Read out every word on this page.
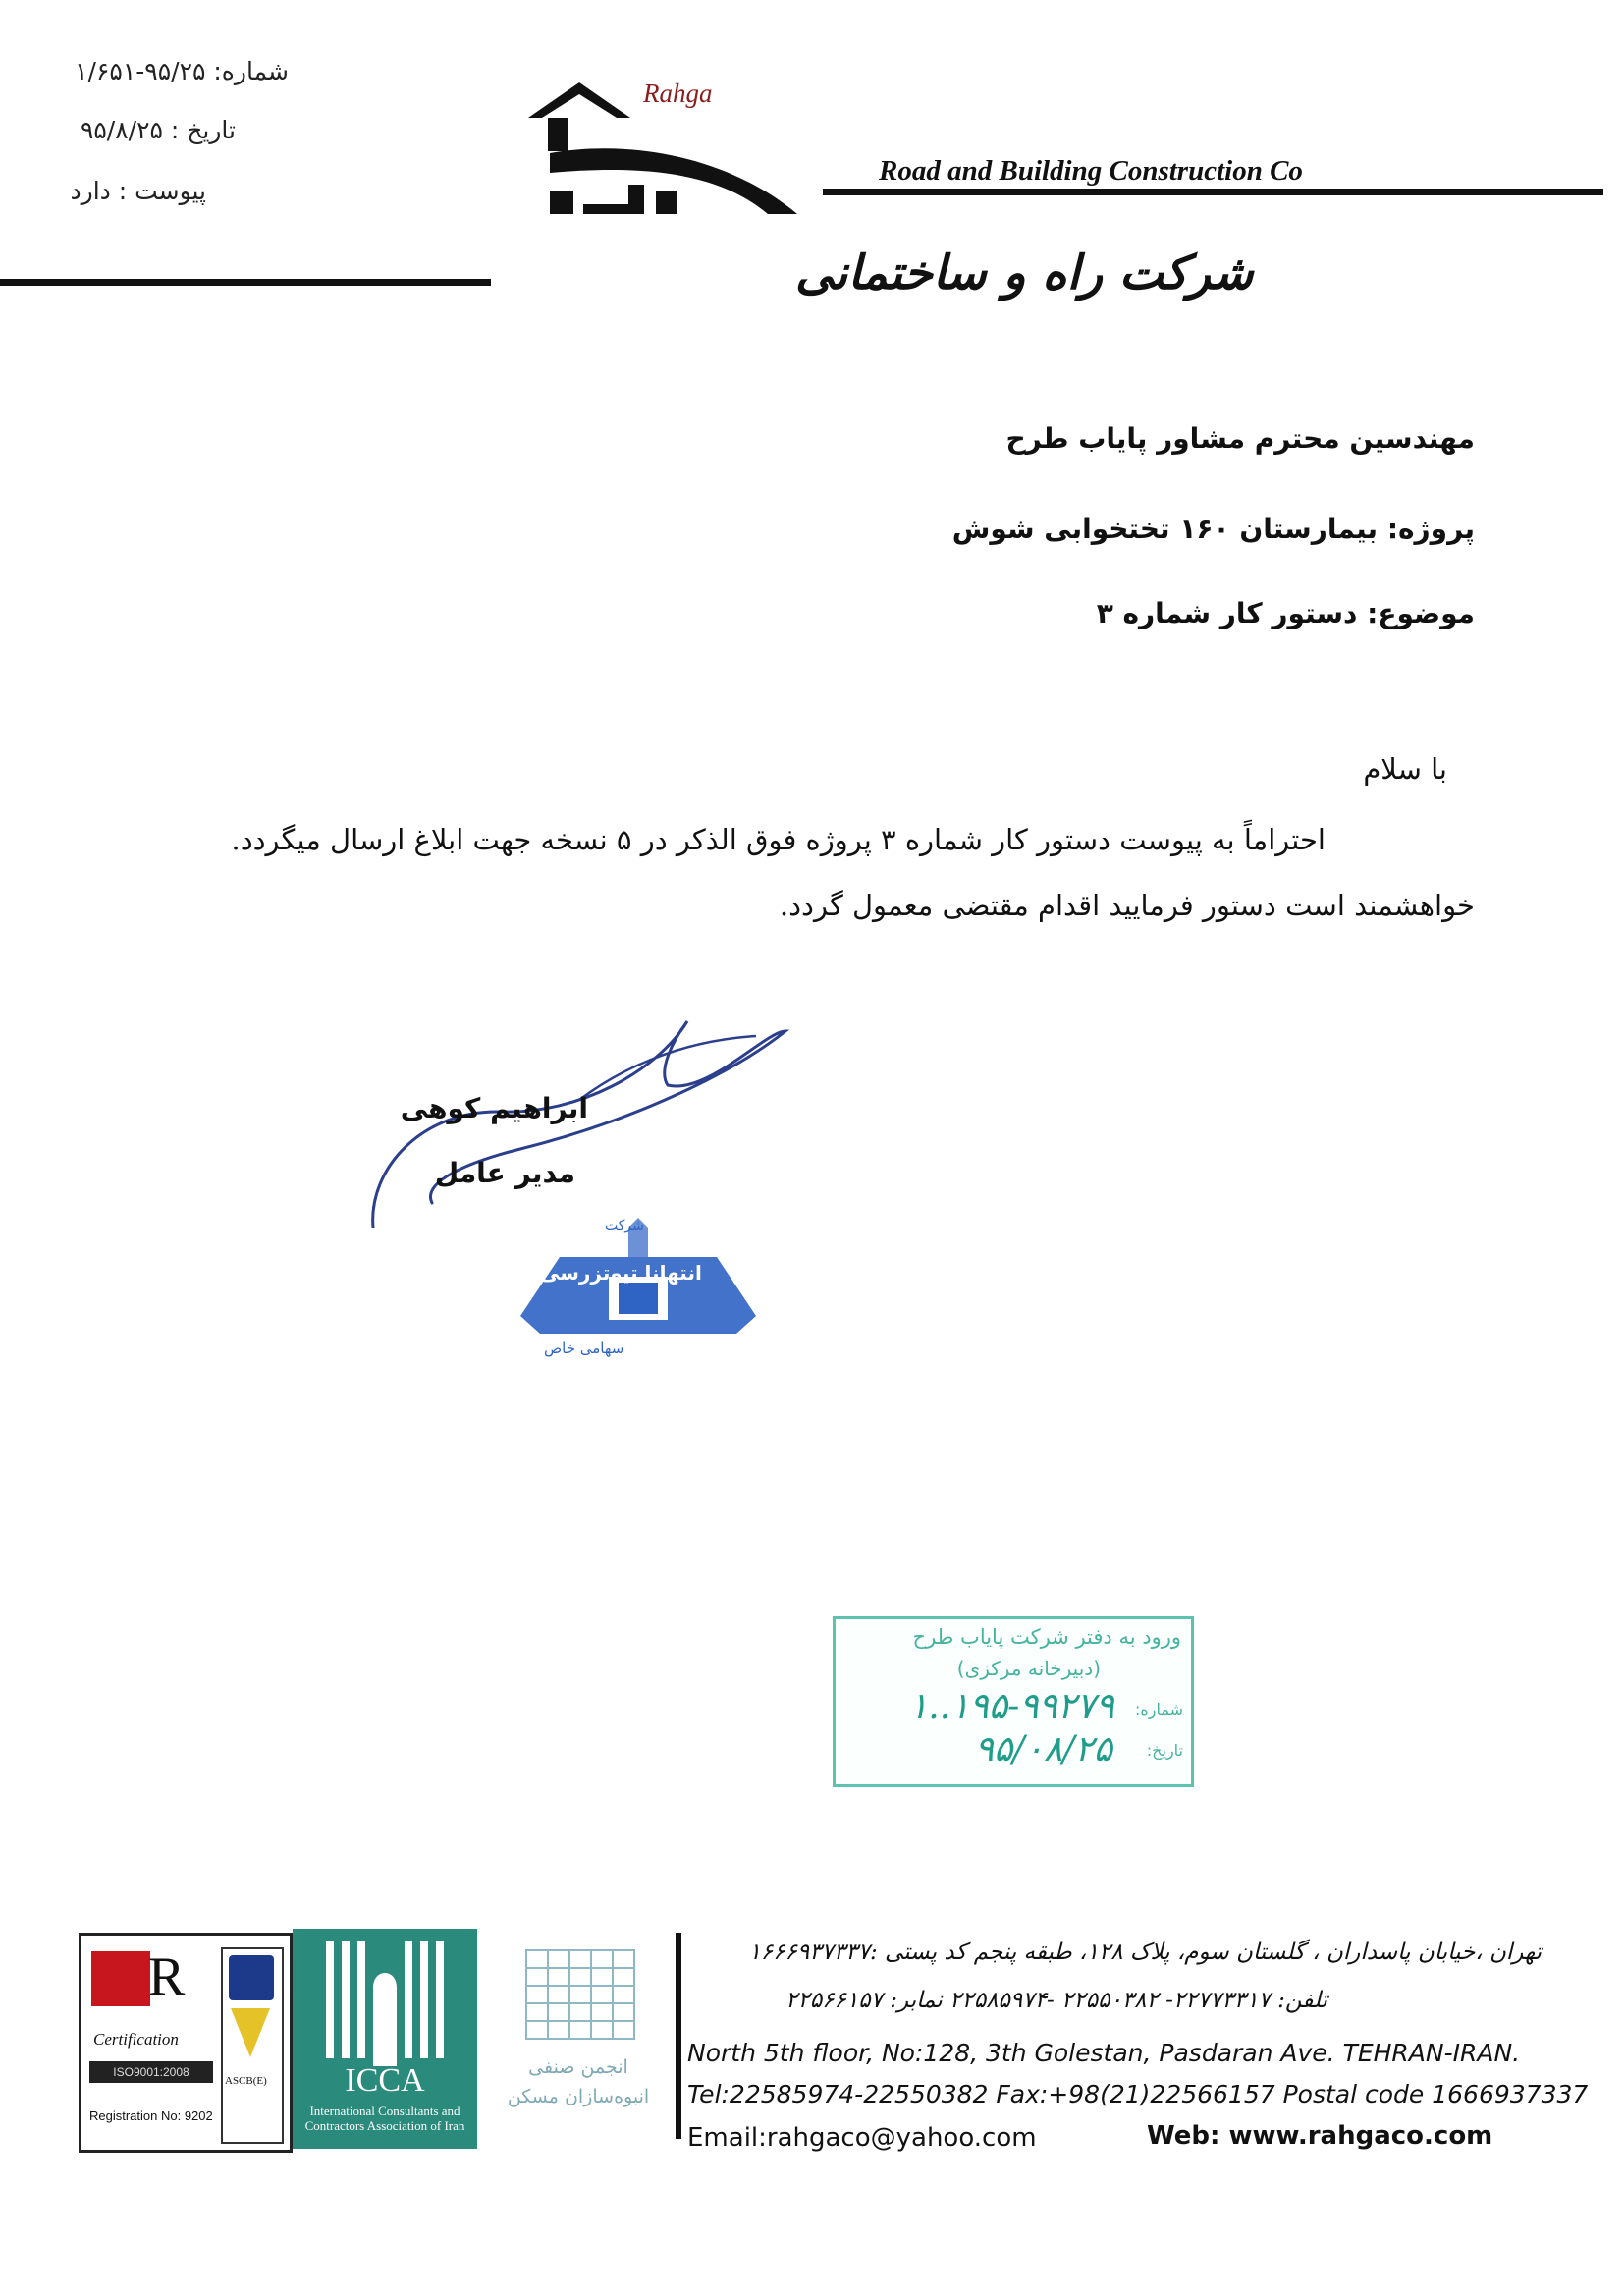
شماره: ۹۵/۲۵-۱/۶۵۱
تاریخ : ۹۵/۸/۲۵
پیوست : دارد
Rahga
Road and Building Construction Co
شرکت راه و ساختمانی
مهندسین محترم مشاور پایاب طرح
پروژه: بیمارستان ۱۶۰ تختخوابی شوش
موضوع: دستور کار شماره ۳
با سلام
احتراماً به پیوست دستور کار شماره ۳ پروژه فوق الذکر در ۵ نسخه جهت ابلاغ ارسال میگردد.
خواهشمند است دستور فرمایید اقدام مقتضی معمول گردد.
ابراهیم کوهی
مدیر عامل
شرکت
انتهانا تیوتزرسی
سهامی خاص
ورود به دفتر شرکت پایاب طرح
(دبیرخانه مرکزی)
شماره:
۱..۱۹۵-۹۹۲۷۹
تاریخ:
۹۵/۰۸/۲۵
R
Certification
ISO9001:2008
Registration No: 9202
ASCB(E)	ICCA
International Consultants and Contractors Association of Iran
انجمن صنفی
انبوه‌سازان مسکن
تهران ،خیابان پاسداران ، گلستان سوم، پلاک ۱۲۸، طبقه پنجم کد پستی :۱۶۶۶۹۳۷۳۳۷
تلفن: ۲۲۷۷۳۳۱۷- ۲۲۵۵۰۳۸۲ -۲۲۵۸۵۹۷۴ نمابر: ۲۲۵۶۶۱۵۷
North 5th floor, No:128, 3th Golestan, Pasdaran Ave. TEHRAN-IRAN.
Tel:22585974-22550382 Fax:+98(21)22566157 Postal code 1666937337
Email:rahgaco@yahoo.com	Web: www.rahgaco.com
